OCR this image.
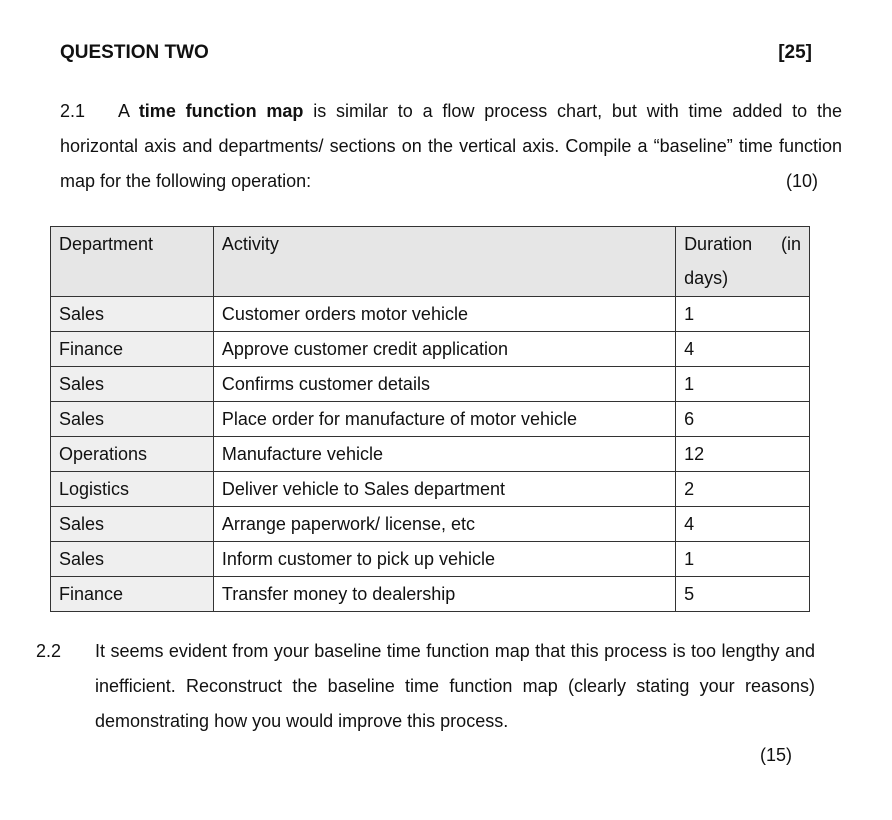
QUESTION TWO	[25]
2.1 A time function map is similar to a flow process chart, but with time added to the horizontal axis and departments/ sections on the vertical axis. Compile a “baseline” time function map for the following operation:	(10)
Department	Activity	Duration (in
days)

Sales	Customer orders motor vehicle	1
Finance	Approve customer credit application	4
Sales	Confirms customer details	1
Sales	Place order for manufacture of motor vehicle	6
Operations	Manufacture vehicle	12
Logistics	Deliver vehicle to Sales department	2
Sales	Arrange paperwork/ license, etc	4
Sales	Inform customer to pick up vehicle	1
Finance	Transfer money to dealership	5
2.2 It seems evident from your baseline time function map that this process is too lengthy and inefficient. Reconstruct the baseline time function map (clearly stating your reasons) demonstrating how you would improve this process.
(15)
